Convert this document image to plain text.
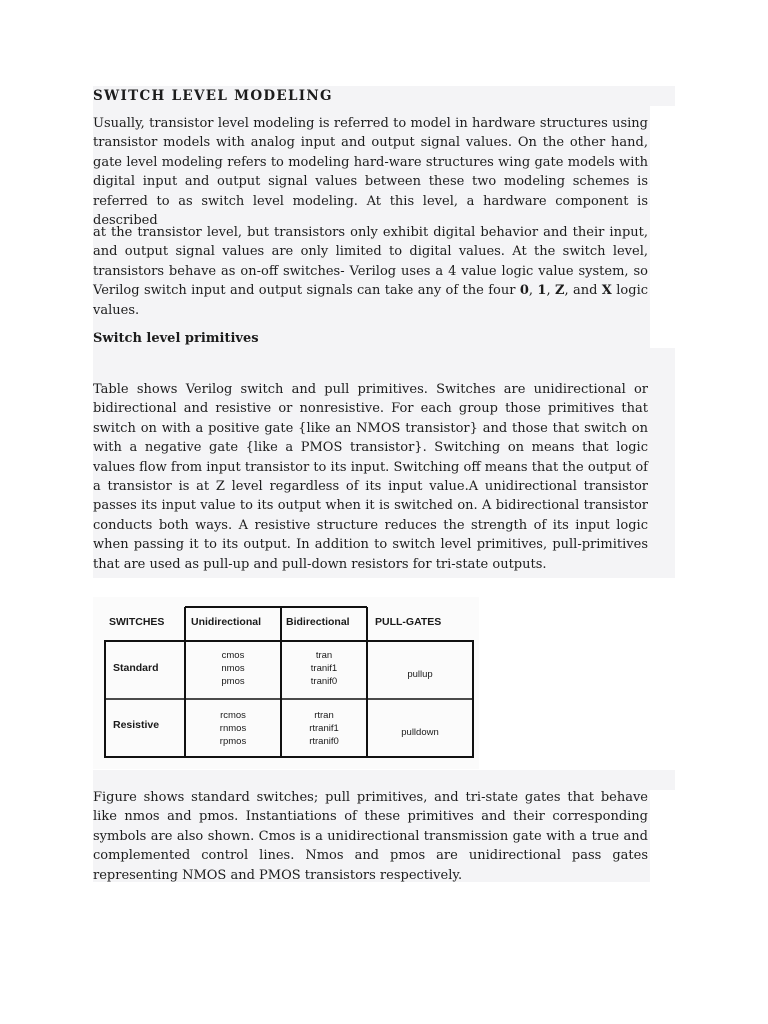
SWITCH LEVEL MODELING
Usually, transistor level modeling is referred to model in hardware structures using transistor models with analog input and output signal values. On the other hand, gate level modeling refers to modeling hard-ware structures wing gate models with digital input and output signal values between these two modeling schemes is referred to as switch level modeling. At this level, a hardware component is described
at the transistor level, but transistors only exhibit digital behavior and their input, and output signal values are only limited to digital values. At the switch level, transistors behave as on-off switches- Verilog uses a 4 value logic value system, so Verilog switch input and output signals can take any of the four 0, 1, Z, and X logic values.
Switch level primitives
Table shows Verilog switch and pull primitives. Switches are unidirectional or bidirectional and resistive or nonresistive. For each group those primitives that switch on with a positive gate {like an NMOS transistor} and those that switch on with a negative gate {like a PMOS transistor}. Switching on means that logic values flow from input transistor to its input. Switching off means that the output of a transistor is at Z level regardless of its input value.A unidirectional transistor passes its input value to its output when it is switched on. A bidirectional transistor conducts both ways. A resistive structure reduces the strength of its input logic when passing it to its output. In addition to switch level primitives, pull-primitives that are used as pull-up and pull-down resistors for tri-state outputs.
SWITCHES	Unidirectional Bidirectional PULL-GATES
Standard
cmos
nmos
pmos
tran
tranif1
tranif0
pullup
Resistive
rcmos
rnmos
rpmos
rtran
rtranif1
rtranif0
pulldown
Figure shows standard switches; pull primitives, and tri-state gates that behave like nmos and pmos. Instantiations of these primitives and their corresponding symbols are also shown. Cmos is a unidirectional transmission gate with a true and complemented control lines. Nmos and pmos are unidirectional pass gates representing NMOS and PMOS transistors respectively.
